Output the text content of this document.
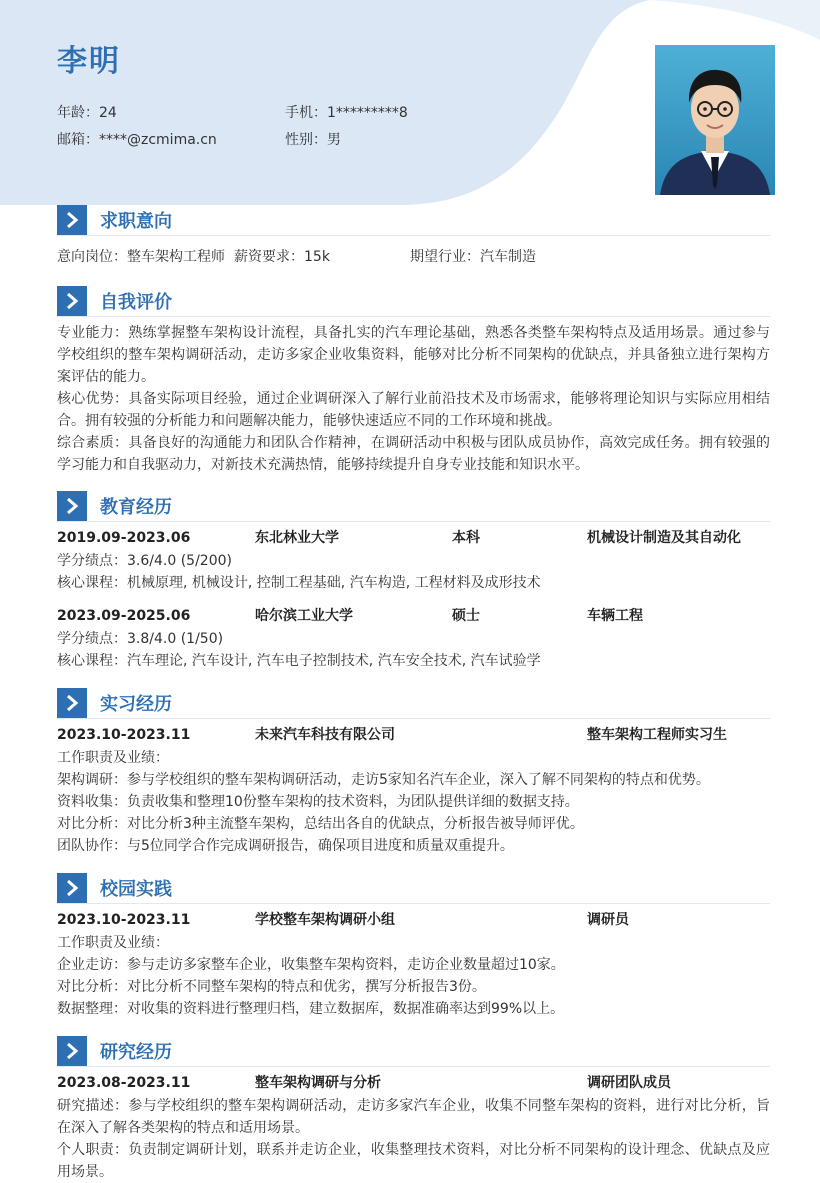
李明
年龄：24	手机：1*********8
邮箱：****@zcmima.cn	性别：男
求职意向
意向岗位：整车架构工程师 薪资要求：15k	期望行业：汽车制造
自我评价
专业能力：熟练掌握整车架构设计流程，具备扎实的汽车理论基础，熟悉各类整车架构特点及适用场景。通过参与学校组织的整车架构调研活动，走访多家企业收集资料，能够对比分析不同架构的优缺点，并具备独立进行架构方案评估的能力。
核心优势：具备实际项目经验，通过企业调研深入了解行业前沿技术及市场需求，能够将理论知识与实际应用相结合。拥有较强的分析能力和问题解决能力，能够快速适应不同的工作环境和挑战。
综合素质：具备良好的沟通能力和团队合作精神，在调研活动中积极与团队成员协作，高效完成任务。拥有较强的学习能力和自我驱动力，对新技术充满热情，能够持续提升自身专业技能和知识水平。
教育经历
2019.09-2023.06	东北林业大学	本科	机械设计制造及其自动化
学分绩点：3.6/4.0 (5/200)
核心课程：机械原理, 机械设计, 控制工程基础, 汽车构造, 工程材料及成形技术
2023.09-2025.06	哈尔滨工业大学	硕士	车辆工程
学分绩点：3.8/4.0 (1/50)
核心课程：汽车理论, 汽车设计, 汽车电子控制技术, 汽车安全技术, 汽车试验学
实习经历
2023.10-2023.11	未来汽车科技有限公司	整车架构工程师实习生
工作职责及业绩：
架构调研：参与学校组织的整车架构调研活动，走访5家知名汽车企业，深入了解不同架构的特点和优势。
资料收集：负责收集和整理10份整车架构的技术资料，为团队提供详细的数据支持。
对比分析：对比分析3种主流整车架构，总结出各自的优缺点，分析报告被导师评优。
团队协作：与5位同学合作完成调研报告，确保项目进度和质量双重提升。
校园实践
2023.10-2023.11	学校整车架构调研小组	调研员
工作职责及业绩：
企业走访：参与走访多家整车企业，收集整车架构资料，走访企业数量超过10家。
对比分析：对比分析不同整车架构的特点和优劣，撰写分析报告3份。
数据整理：对收集的资料进行整理归档，建立数据库，数据准确率达到99%以上。
研究经历
2023.08-2023.11	整车架构调研与分析	调研团队成员
研究描述：参与学校组织的整车架构调研活动，走访多家汽车企业，收集不同整车架构的资料，进行对比分析，旨在深入了解各类架构的特点和适用场景。
个人职责：负责制定调研计划，联系并走访企业，收集整理技术资料，对比分析不同架构的设计理念、优缺点及应用场景。
